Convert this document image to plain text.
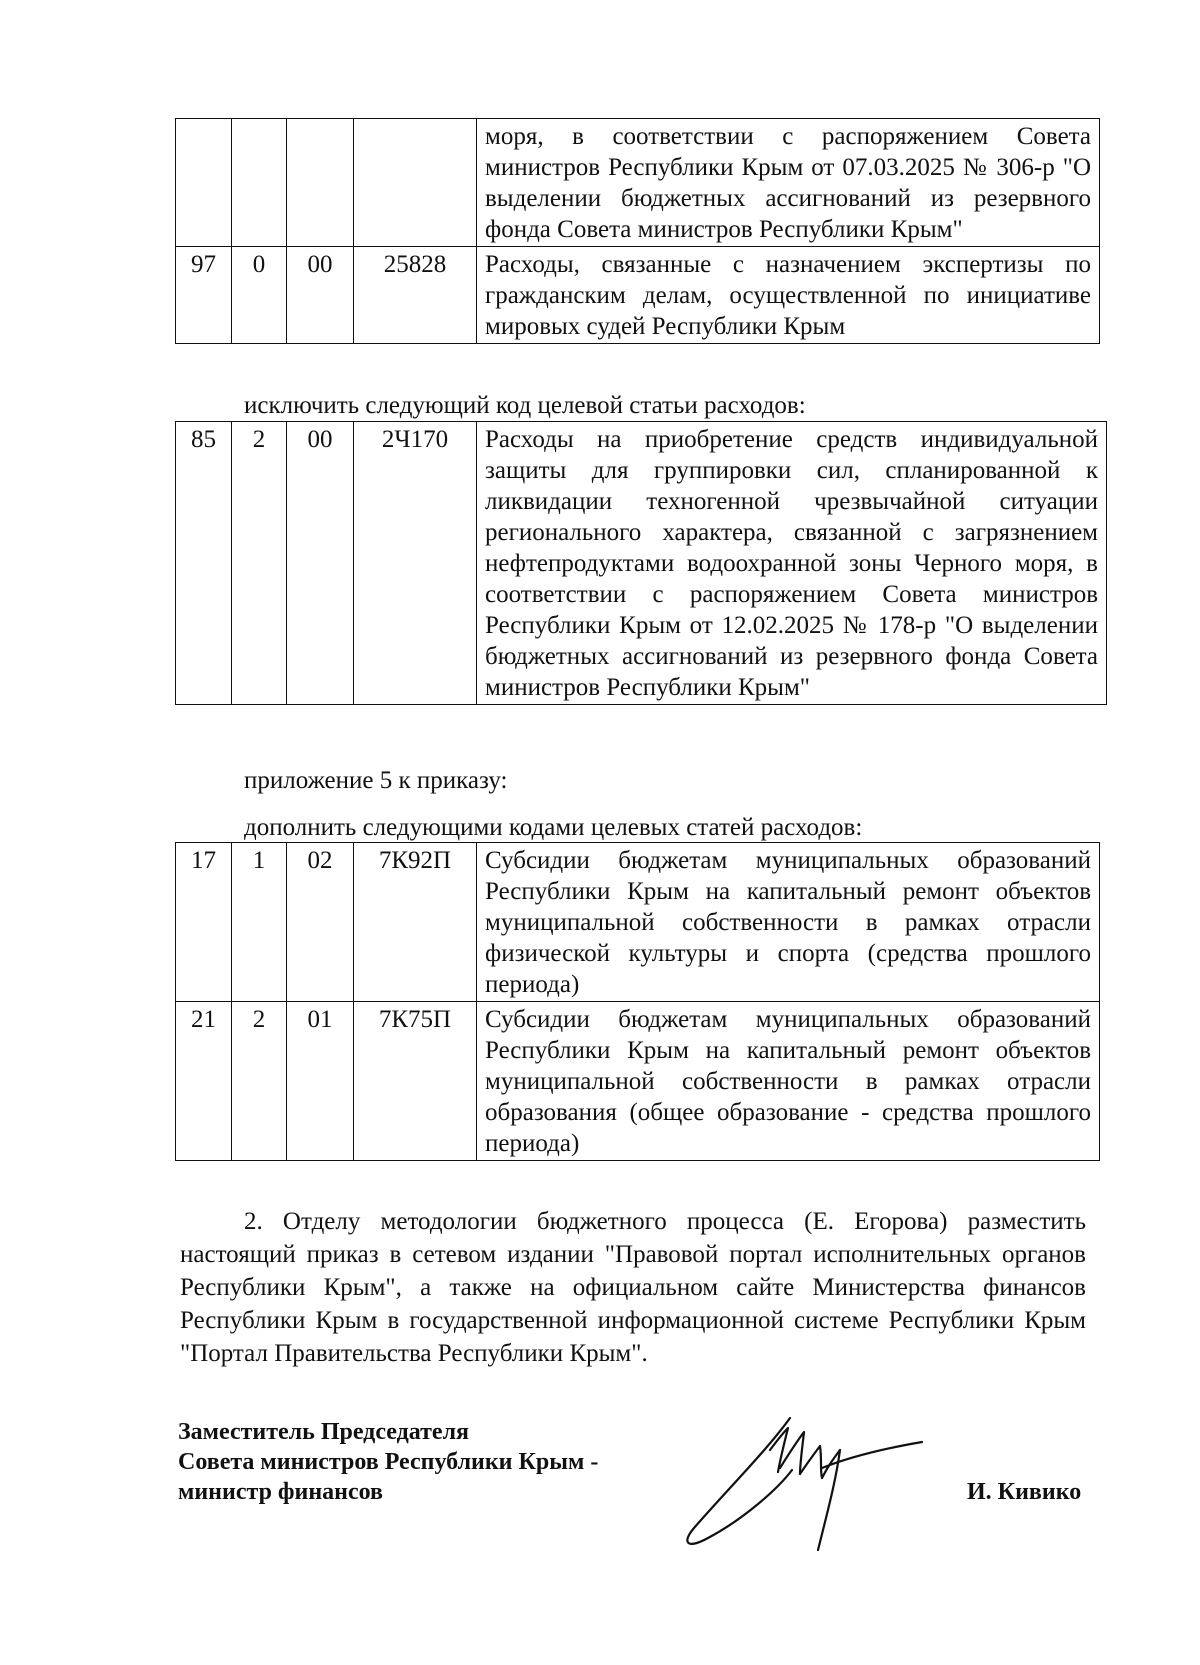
				моря, в соответствии с распоряжением Совета министров Республики Крым от 07.03.2025 № 306-р "О выделении бюджетных ассигнований из резервного фонда Совета министров Республики Крым"
97	0	00	25828	Расходы, связанные с назначением экспертизы по гражданским делам, осуществленной по инициативе мировых судей Республики Крым
исключить следующий код целевой статьи расходов:
85	2	00	2Ч170	Расходы на приобретение средств индивидуальной защиты для группировки сил, спланированной к ликвидации техногенной чрезвычайной ситуации регионального характера, связанной с загрязнением нефтепродуктами водоохранной зоны Черного моря, в соответствии с распоряжением Совета министров Республики Крым от 12.02.2025 № 178-р "О выделении бюджетных ассигнований из резервного фонда Совета министров Республики Крым"
приложение 5 к приказу:
дополнить следующими кодами целевых статей расходов:
17	1	02	7К92П	Субсидии бюджетам муниципальных образований Республики Крым на капитальный ремонт объектов муниципальной собственности в рамках отрасли физической культуры и спорта (средства прошлого периода)
21	2	01	7К75П	Субсидии бюджетам муниципальных образований Республики Крым на капитальный ремонт объектов муниципальной собственности в рамках отрасли образования (общее образование - средства прошлого периода)
2. Отделу методологии бюджетного процесса (Е. Егорова) разместить настоящий приказ в сетевом издании "Правовой портал исполнительных органов Республики Крым", а также на официальном сайте Министерства финансов Республики Крым в государственной информационной системе Республики Крым "Портал Правительства Республики Крым".
Заместитель Председателя
Совета министров Республики Крым -
министр финансов	И. Кивико
